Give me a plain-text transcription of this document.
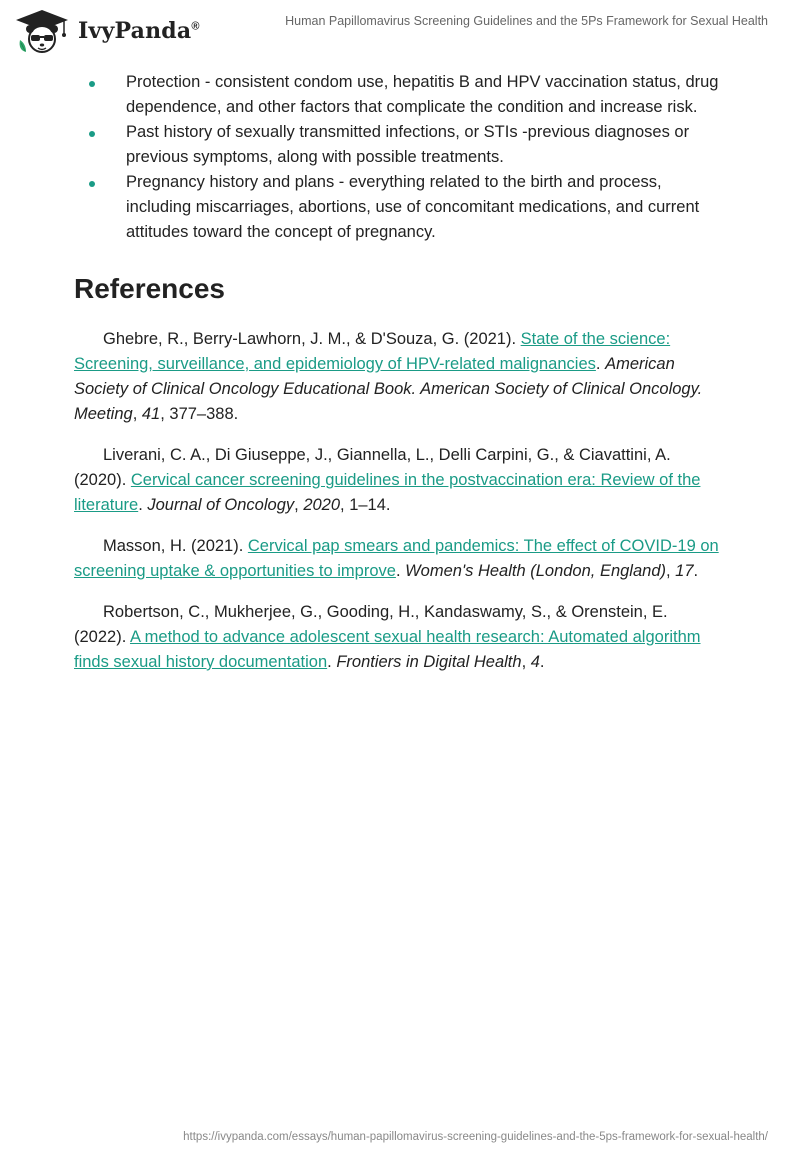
IvyPanda®	Human Papillomavirus Screening Guidelines and the 5Ps Framework for Sexual Health
Protection - consistent condom use, hepatitis B and HPV vaccination status, drug dependence, and other factors that complicate the condition and increase risk.
Past history of sexually transmitted infections, or STIs -previous diagnoses or previous symptoms, along with possible treatments.
Pregnancy history and plans - everything related to the birth and process, including miscarriages, abortions, use of concomitant medications, and current attitudes toward the concept of pregnancy.
References

Ghebre, R., Berry-Lawhorn, J. M., & D'Souza, G. (2021). State of the science: Screening, surveillance, and epidemiology of HPV-related malignancies. American Society of Clinical Oncology Educational Book. American Society of Clinical Oncology. Meeting, 41, 377–388.

Liverani, C. A., Di Giuseppe, J., Giannella, L., Delli Carpini, G., & Ciavattini, A. (2020). Cervical cancer screening guidelines in the postvaccination era: Review of the literature. Journal of Oncology, 2020, 1–14.

Masson, H. (2021). Cervical pap smears and pandemics: The effect of COVID-19 on screening uptake & opportunities to improve. Women's Health (London, England), 17.

Robertson, C., Mukherjee, G., Gooding, H., Kandaswamy, S., & Orenstein, E. (2022). A method to advance adolescent sexual health research: Automated algorithm finds sexual history documentation. Frontiers in Digital Health, 4.

https://ivypanda.com/essays/human-papillomavirus-screening-guidelines-and-the-5ps-framework-for-sexual-health/
